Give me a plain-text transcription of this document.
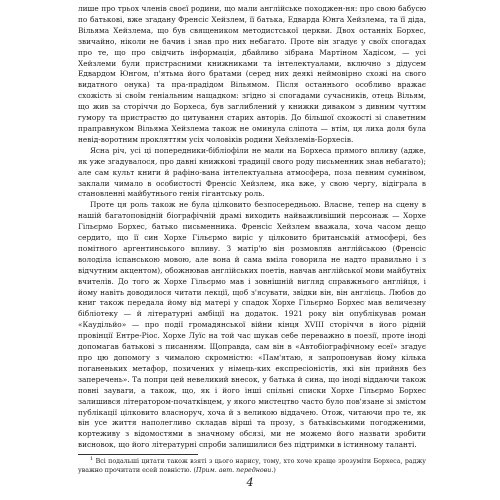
лише про трьох членів своєї родини, що мали англійське походжен-ня: про свою бабусю по батькові, вже згадану Френсіс Хейзлем, її батька, Едварда Юнга Хейзлема, та її діда, Вільяма Хейзлема, що був священиком методистської церкви. Двох останніх Борхес, звичайно, ніколи не бачив і знав про них небагато. Проте він згадує у своїх спогадах про те, що про свідчить інформація, дбайливо зібрана Мартіном Хадісом, — усі Хейзлеми були пристрасними книжниками та інтелектуалами, включно з дідусем Едвардом Юнгом, п'ятьма його братами (серед них деякі неймовірно схожі на свого видатного онука) та пра-прадідом Вільямом. Після останнього особливо вражає схожість зі своїм геніальним нащадком: згідно зі спогадами сучасників, отець Вільям, що жив за сторіччя до Борхеса, був заглиблений у книжки диваком з дивним чуттям гумору та пристрастю до цитування старих авторів. До більшої схожості зі славетним праправнуком Вільяма Хейзлема також не оминула сліпота — втім, ця лиха доля була невід-воротним прокляттям усіх чоловіків родини Хейзлемів-Борхесів.

Ясна річ, усі ці попередники-бібліофіли не мали на Борхеса прямого впливу (адже, як уже згадувалося, про давні книжкові традиції свого роду письменник знав небагато); але сам культ книги й рафіно-вана інтелектуальна атмосфера, поза певним сумнівом, заклали чимало в особистості Френсіс Хейзлем, яка вже, у свою чергу, відіграла в становленні майбутнього генія гігантську роль.

Проте ця роль також не була цілковито безпосередньою. Власне, тепер на сцену в нашій багатоповідній біографічній драмі виходить найважливіший персонаж — Хорхе Гільєрмо Борхес, батько письменника. Френсіс Хейзлем вважала, хоча часом дещо сердито, що її син Хорхе Гільєрмо виріс у цілковито британській атмосфері, без помітного аргентинського впливу. З матір'ю він розмовляв англійською (Френсіс володіла іспанською мовою, але вона й сама вміла говорила не надто правильно і з відчутним акцентом), обожнював англійських поетів, навчав англійської мови майбутніх вчителів. До того ж Хорхе Гільєрмо мав і зовнішній вигляд справжнього англійця, і йому навіть доводилося читати лекції, щоб з'ясувати, звідки він, він англієць. Любов до книг також передала йому від матері у спадок Хорхе Гільєрмо Борхес мав величезну бібліотеку — й літературні амбіції на додаток. 1921 року він опублікував роман «Каудільйо» — про події громадянської війни кінця XVIII сторіччя в його рідній провінції Ентре-Ріос. Хорхе Луїс на той час шукав себе переважно в поезії, проте іноді допомагав батькові з писанням. Щоправда, сам він в «Автобіографічному есеї» згадує про цю допомогу з чималою скромністю: «Пам'ятаю, я запропонував йому кілька поганеньких метафор, позичених у німець-ких експресіоністів, які він прийняв без заперечень». Та попри цей невеликий внесок, у батька й сина, що іноді віддаючи також повні зауваги, а також, що, як і його інші спільні списки Хорхе Гільєрмо Борхес залишився літератором-початківцем, у якого мистецтво часто було пов'язане зі змістом публікації цілковито власноруч, хоча й з великою віддачею. Отож, читаючи про те, як він усе життя наполегливо складав вірші та прозу, з батьківськими погодженими, кортеживу з відомостями в значному обсязі, ми не можемо його назвати зробити висновок, що його літературні спроби залишилися без підтримки в істинному таланті.

$^1$ Всі подальші цитати також взяті з цього нарису, тому, хто хоче краще зрозуміти Борхеса, раджу уважно прочитати есей повністю. (Прим. авт. переднови.)

4
